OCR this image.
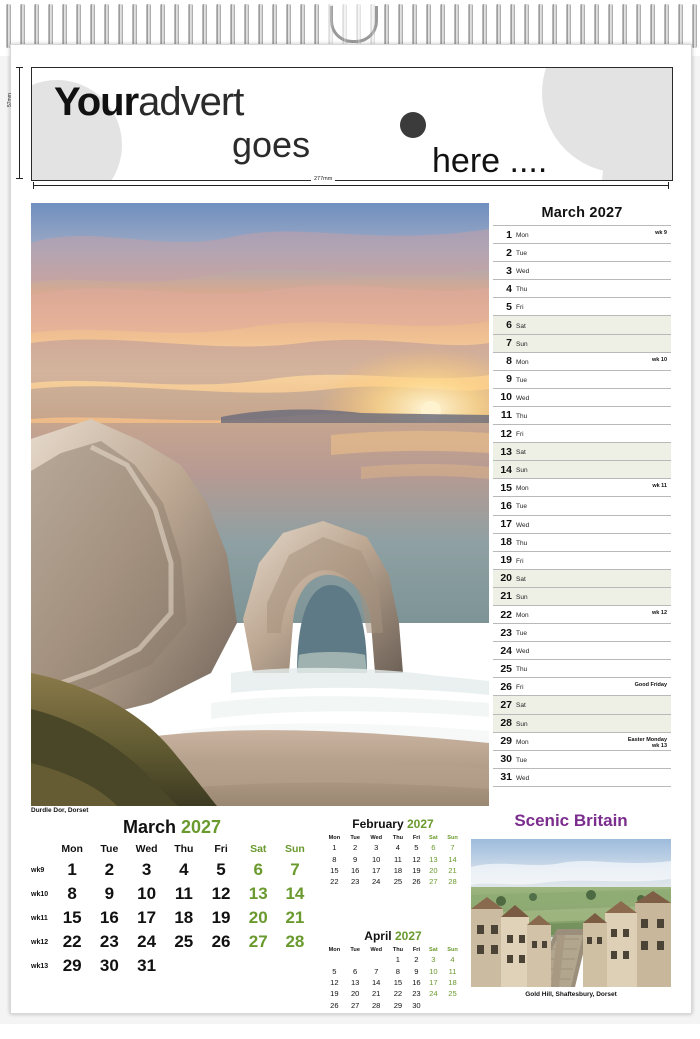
57mm Youradvert
goes	here ....
277mm
Durdle Dor, Dorset
March 2027
1 Mon	wk 9
2 Tue
3 Wed
4 Thu
5 Fri
6 Sat
7 Sun
8 Mon	wk 10
9 Tue
10 Wed
11 Thu
12 Fri
13 Sat
14 Sun
15 Mon	wk 11
16 Tue
17 Wed
18 Thu
19 Fri
20 Sat
21 Sun
22 Mon	wk 12
23 Tue
24 Wed
25 Thu
26 Fri	Good Friday
27 Sat
28 Sun
29 Mon	Easter Monday
wk 13
30 Tue
31 Wed
March 2027
	Mon	Tue	Wed	Thu	Fri	Sat	Sun
wk9	1	2	3	4	5	6	7
wk10	8	9	10	11	12	13	14
wk11	15	16	17	18	19	20	21
wk12	22	23	24	25	26	27	28
wk13	29	30	31				
February 2027
Mon	Tue	Wed	Thu	Fri	Sat	Sun
1	2	3	4	5	6	7
8	9	10	11	12	13	14
15	16	17	18	19	20	21
22	23	24	25	26	27	28
April 2027
Mon	Tue	Wed	Thu	Fri	Sat	Sun
			1	2	3	4
5	6	7	8	9	10	11
12	13	14	15	16	17	18
19	20	21	22	23	24	25
26	27	28	29	30		
Scenic Britain
Gold Hill, Shaftesbury, Dorset
